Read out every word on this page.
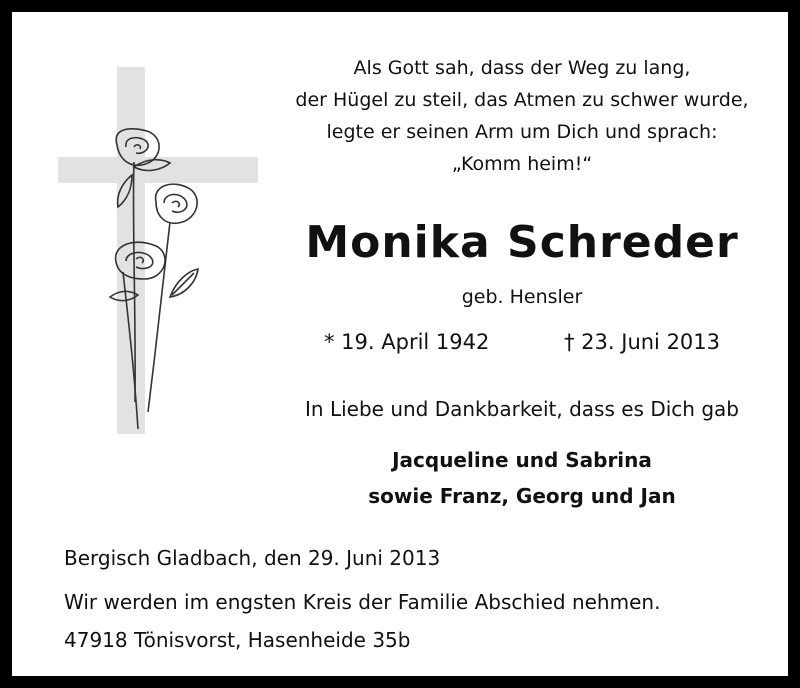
Als Gott sah, dass der Weg zu lang,
der Hügel zu steil, das Atmen zu schwer wurde,
legte er seinen Arm um Dich und sprach:
„Komm heim!“
Monika Schreder
geb. Hensler
* 19. April 1942	† 23. Juni 2013
In Liebe und Dankbarkeit, dass es Dich gab
Jacqueline und Sabrina
sowie Franz, Georg und Jan
Bergisch Gladbach, den 29. Juni 2013
Wir werden im engsten Kreis der Familie Abschied nehmen.
47918 Tönisvorst, Hasenheide 35b
